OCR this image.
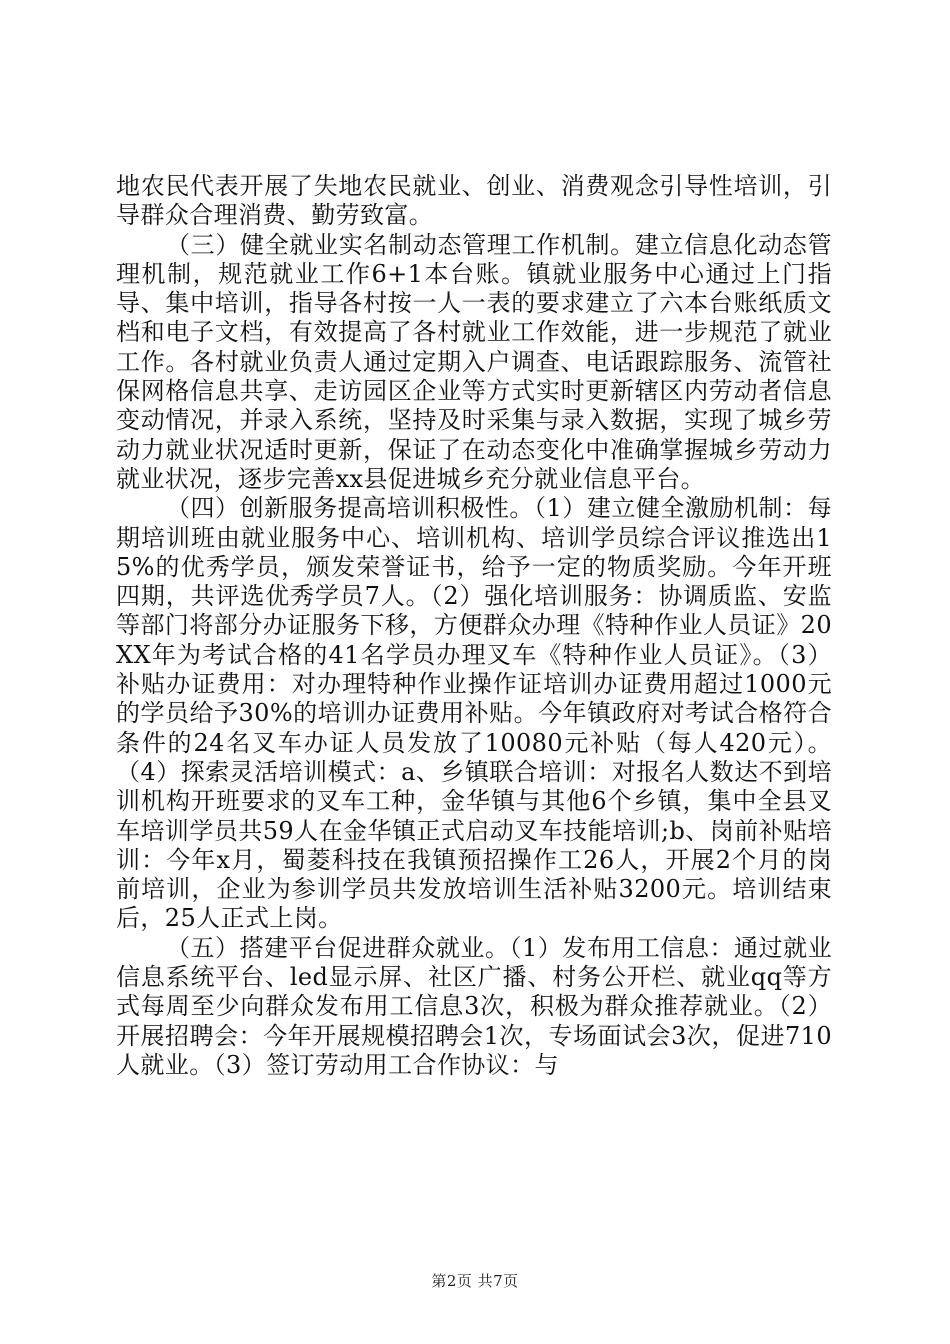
地农民代表开展了失地农民就业、创业、消费观念引导性培训，引导群众合理消费、勤劳致富。

（三）健全就业实名制动态管理工作机制。建立信息化动态管理机制，规范就业工作6+1本台账。镇就业服务中心通过上门指导、集中培训，指导各村按一人一表的要求建立了六本台账纸质文档和电子文档，有效提高了各村就业工作效能，进一步规范了就业工作。各村就业负责人通过定期入户调查、电话跟踪服务、流管社保网格信息共享、走访园区企业等方式实时更新辖区内劳动者信息变动情况，并录入系统，坚持及时采集与录入数据，实现了城乡劳动力就业状况适时更新，保证了在动态变化中准确掌握城乡劳动力就业状况，逐步完善xx县促进城乡充分就业信息平台。

（四）创新服务提高培训积极性。（1）建立健全激励机制：每期培训班由就业服务中心、培训机构、培训学员综合评议推选出15%的优秀学员，颁发荣誉证书，给予一定的物质奖励。今年开班四期，共评选优秀学员7人。（2）强化培训服务：协调质监、安监等部门将部分办证服务下移，方便群众办理《特种作业人员证》20XX年为考试合格的41名学员办理叉车《特种作业人员证》。（3）补贴办证费用：对办理特种作业操作证培训办证费用超过1000元的学员给予30%的培训办证费用补贴。今年镇政府对考试合格符合条件的24名叉车办证人员发放了10080元补贴（每人420元）。（4）探索灵活培训模式：a、乡镇联合培训：对报名人数达不到培训机构开班要求的叉车工种，金华镇与其他6个乡镇，集中全县叉车培训学员共59人在金华镇正式启动叉车技能培训;b、岗前补贴培训：今年x月，蜀菱科技在我镇预招操作工26人，开展2个月的岗前培训，企业为参训学员共发放培训生活补贴3200元。培训结束后，25人正式上岗。

（五）搭建平台促进群众就业。（1）发布用工信息：通过就业信息系统平台、led显示屏、社区广播、村务公开栏、就业qq等方式每周至少向群众发布用工信息3次，积极为群众推荐就业。（2）开展招聘会：今年开展规模招聘会1次，专场面试会3次，促进710人就业。（3）签订劳动用工合作协议：与

第2页 共7页
